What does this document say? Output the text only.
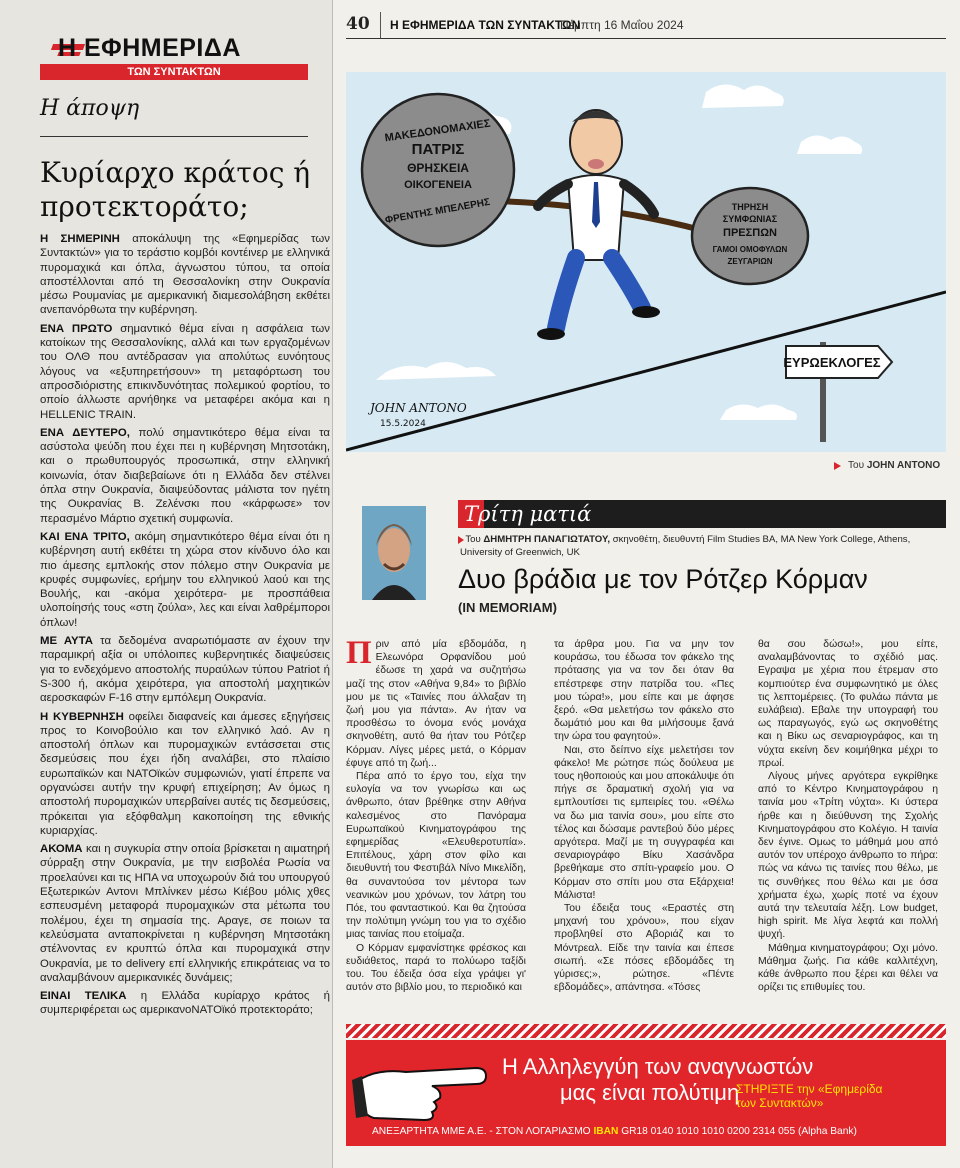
Η ΕΦΗΜΕΡΙΔΑ
ΤΩΝ ΣΥΝΤΑΚΤΩΝ
Η άποψη
Κυρίαρχο κράτος ή προτεκτοράτο;

Η ΣΗΜΕΡΙΝΗ αποκάλυψη της «Εφημερίδας των Συντακτών» για το τεράστιο κομβόι κοντέινερ με ελληνικά πυρομαχικά και όπλα, άγνωστου τύπου, τα οποία αποστέλλονται από τη Θεσσαλονίκη στην Ουκρανία μέσω Ρουμανίας με αμερικανική διαμεσολάβηση εκθέτει ανεπανόρθωτα την κυβέρνηση.

ΕΝΑ ΠΡΩΤΟ σημαντικό θέμα είναι η ασφάλεια των κατοίκων της Θεσσαλονίκης, αλλά και των εργαζομένων του ΟΛΘ που αντέδρασαν για απολύτως ευνόητους λόγους να «εξυπηρετήσουν» τη μεταφόρτωση του απροσδιόριστης επικινδυνότητας πολεμικού φορτίου, το οποίο άλλωστε αρνήθηκε να μεταφέρει ακόμα και η HELLENIC TRAIN.

ΕΝΑ ΔΕΥΤΕΡΟ, πολύ σημαντικότερο θέμα είναι τα ασύστολα ψεύδη που έχει πει η κυβέρνηση Μητσοτάκη, και ο πρωθυπουργός προσωπικά, στην ελληνική κοινωνία, όταν διαβεβαίωνε ότι η Ελλάδα δεν στέλνει όπλα στην Ουκρανία, διαψεύδοντας μάλιστα τον ηγέτη της Ουκρανίας Β. Ζελένσκι που «κάρφωσε» τον περασμένο Μάρτιο σχετική συμφωνία.

ΚΑΙ ΕΝΑ ΤΡΙΤΟ, ακόμη σημαντικότερο θέμα είναι ότι η κυβέρνηση αυτή εκθέτει τη χώρα στον κίνδυνο όλο και πιο άμεσης εμπλοκής στον πόλεμο στην Ουκρανία με κρυφές συμφωνίες, ερήμην του ελληνικού λαού και της Βουλής, και -ακόμα χειρότερα- με προσπάθεια υλοποίησής τους «στη ζούλα», λες και είναι λαθρέμποροι όπλων!

ΜΕ ΑΥΤΑ τα δεδομένα αναρωτιόμαστε αν έχουν την παραμικρή αξία οι υπόλοιπες κυβερνητικές διαψεύσεις για το ενδεχόμενο αποστολής πυραύλων τύπου Patriot ή S-300 ή, ακόμα χειρότερα, για αποστολή μαχητικών αεροσκαφών F-16 στην εμπόλεμη Ουκρανία.

Η ΚΥΒΕΡΝΗΣΗ οφείλει διαφανείς και άμεσες εξηγήσεις προς το Κοινοβούλιο και τον ελληνικό λαό. Αν η αποστολή όπλων και πυρομαχικών εντάσσεται στις δεσμεύσεις που έχει ήδη αναλάβει, στο πλαίσιο ευρωπαϊκών και ΝΑΤΟϊκών συμφωνιών, γιατί έπρεπε να οργανώσει αυτήν την κρυφή επιχείρηση; Αν όμως η αποστολή πυρομαχικών υπερβαίνει αυτές τις δεσμεύσεις, πρόκειται για εξόφθαλμη κακοποίηση της εθνικής κυριαρχίας.

ΑΚΟΜΑ και η συγκυρία στην οποία βρίσκεται η αιματηρή σύρραξη στην Ουκρανία, με την εισβολέα Ρωσία να προελαύνει και τις ΗΠΑ να υποχωρούν διά του υπουργού Εξωτερικών Αντονι Μπλίνκεν μέσω Κιέβου μόλις χθες εσπευσμένη μεταφορά πυρομαχικών στα μέτωπα του πολέμου, έχει τη σημασία της. Αραγε, σε ποιων τα κελεύσματα ανταποκρίνεται η κυβέρνηση Μητσοτάκη στέλνοντας εν κρυπτώ όπλα και πυρομαχικά στην Ουκρανία, με το delivery επί ελληνικής επικράτειας να το αναλαμβάνουν αμερικανικές δυνάμεις;

ΕΙΝΑΙ ΤΕΛΙΚΑ η Ελλάδα κυρίαρχο κράτος ή συμπεριφέρεται ως αμερικανοΝΑΤΟϊκό προτεκτοράτο;

40 Η ΕΦΗΜΕΡΙΔΑ ΤΩΝ ΣΥΝΤΑΚΤΩΝ
Πέμπτη 16 Μαΐου 2024
ΜΑΚΕΔΟΝΟΜΑΧΙΕΣ
ΠΑΤΡΙΣ
ΘΡΗΣΚΕΙΑ
ΟΙΚΟΓΕΝΕΙΑ
ΦΡΕΝΤΗΣ ΜΠΕΛΕΡΗΣ	ΤΗΡΗΣΗ
ΣΥΜΦΩΝΙΑΣ
ΠΡΕΣΠΩΝ
ΓΑΜΟΙ ΟΜΟΦΥΛΩΝ
ΖΕΥΓΑΡΙΩΝ
ΕΥΡΩΕΚΛΟΓΕΣ
JOHN ANTONO
15.5.2024
Του JOHN ANTONO
Τρίτη ματιά
Του ΔΗΜΗΤΡΗ ΠΑΝΑΓΙΩΤΑΤΟΥ, σκηνοθέτη, διευθυντή Film Studies BA, MA New York College, Athens, University of Greenwich, UK
Δυο βράδια με τον Ρότζερ Κόρμαν
(IN MEMORIAM)

Πριν από μία εβδομάδα, η Ελεωνόρα Ορφανίδου μού έδωσε τη χαρά να συζητήσω μαζί της στον «Αθήνα 9,84» το βιβλίο μου με τις «Ταινίες που άλλαξαν τη ζωή μου για πάντα». Αν ήταν να προσθέσω το όνομα ενός μονάχα σκηνοθέτη, αυτό θα ήταν του Ρότζερ Κόρμαν. Λίγες μέρες μετά, ο Κόρμαν έφυγε από τη ζωή...

Πέρα από το έργο του, είχα την ευλογία να τον γνωρίσω και ως άνθρωπο, όταν βρέθηκε στην Αθήνα καλεσμένος στο Πανόραμα Ευρωπαϊκού Κινηματογράφου της εφημερίδας «Ελευθεροτυπία». Επιτέλους, χάρη στον φίλο και διευθυντή του Φεστιβάλ Νίνο Μικελίδη, θα συναντούσα τον μέντορα των νεανικών μου χρόνων, τον λάτρη του Πόε, του φανταστικού. Και θα ζητούσα την πολύτιμη γνώμη του για το σχέδιο μιας ταινίας που ετοίμαζα.

Ο Κόρμαν εμφανίστηκε φρέσκος και ευδιάθετος, παρά το πολύωρο ταξίδι του. Του έδειξα όσα είχα γράψει γι' αυτόν στο βιβλίο μου, το περιοδικό και

τα άρθρα μου. Για να μην τον κουράσω, του έδωσα τον φάκελο της πρότασης για να τον δει όταν θα επέστρεφε στην πατρίδα του. «Πες μου τώρα!», μου είπε και με άφησε ξερό. «Θα μελετήσω τον φάκελο στο δωμάτιό μου και θα μιλήσουμε ξανά την ώρα του φαγητού».

Ναι, στο δείπνο είχε μελετήσει τον φάκελο! Με ρώτησε πώς δούλευα με τους ηθοποιούς και μου αποκάλυψε ότι πήγε σε δραματική σχολή για να εμπλουτίσει τις εμπειρίες του. «Θέλω να δω μια ταινία σου», μου είπε στο τέλος και δώσαμε ραντεβού δύο μέρες αργότερα. Μαζί με τη συγγραφέα και σεναριογράφο Βίκυ Χασάνδρα βρεθήκαμε στο σπίτι-γραφείο μου. Ο Κόρμαν στο σπίτι μου στα Εξάρχεια! Μάλιστα!

Του έδειξα τους «Εραστές στη μηχανή του χρόνου», που είχαν προβληθεί στο Αβοριάζ και το Μόντρεαλ. Είδε την ταινία και έπεσε σιωπή. «Σε πόσες εβδομάδες τη γύρισες;», ρώτησε. «Πέντε εβδομάδες», απάντησα. «Τόσες

θα σου δώσω!», μου είπε, αναλαμβάνοντας το σχέδιό μας. Εγραψα με χέρια που έτρεμαν στο κομπιούτερ ένα συμφωνητικό με όλες τις λεπτομέρειες. (Το φυλάω πάντα με ευλάβεια). Εβαλε την υπογραφή του ως παραγωγός, εγώ ως σκηνοθέτης και η Βίκυ ως σεναριογράφος, και τη νύχτα εκείνη δεν κοιμήθηκα μέχρι το πρωί.

Λίγους μήνες αργότερα εγκρίθηκε από το Κέντρο Κινηματογράφου η ταινία μου «Τρίτη νύχτα». Κι ύστερα ήρθε και η διεύθυνση της Σχολής Κινηματογράφου στο Κολέγιο. Η ταινία δεν έγινε. Ομως το μάθημά μου από αυτόν τον υπέροχο άνθρωπο το πήρα: πώς να κάνω τις ταινίες που θέλω, με τις συνθήκες που θέλω και με όσα χρήματα έχω, χωρίς ποτέ να έχουν αυτά την τελευταία λέξη. Low budget, high spirit. Με λίγα λεφτά και πολλή ψυχή.

Μάθημα κινηματογράφου; Οχι μόνο. Μάθημα ζωής. Για κάθε καλλιτέχνη, κάθε άνθρωπο που ξέρει και θέλει να ορίζει τις επιθυμίες του.

Η Αλληλεγγύη των αναγνωστών
μας είναι πολύτιμη
ΣΤΗΡΙΞΤΕ την «Εφημερίδα
των Συντακτών»
ΑΝΕΞΑΡΤΗΤΑ ΜΜΕ Α.Ε. - ΣΤΟΝ ΛΟΓΑΡΙΑΣΜΟ IBAN GR18 0140 1010 1010 0200 2314 055 (Alpha Bank)
